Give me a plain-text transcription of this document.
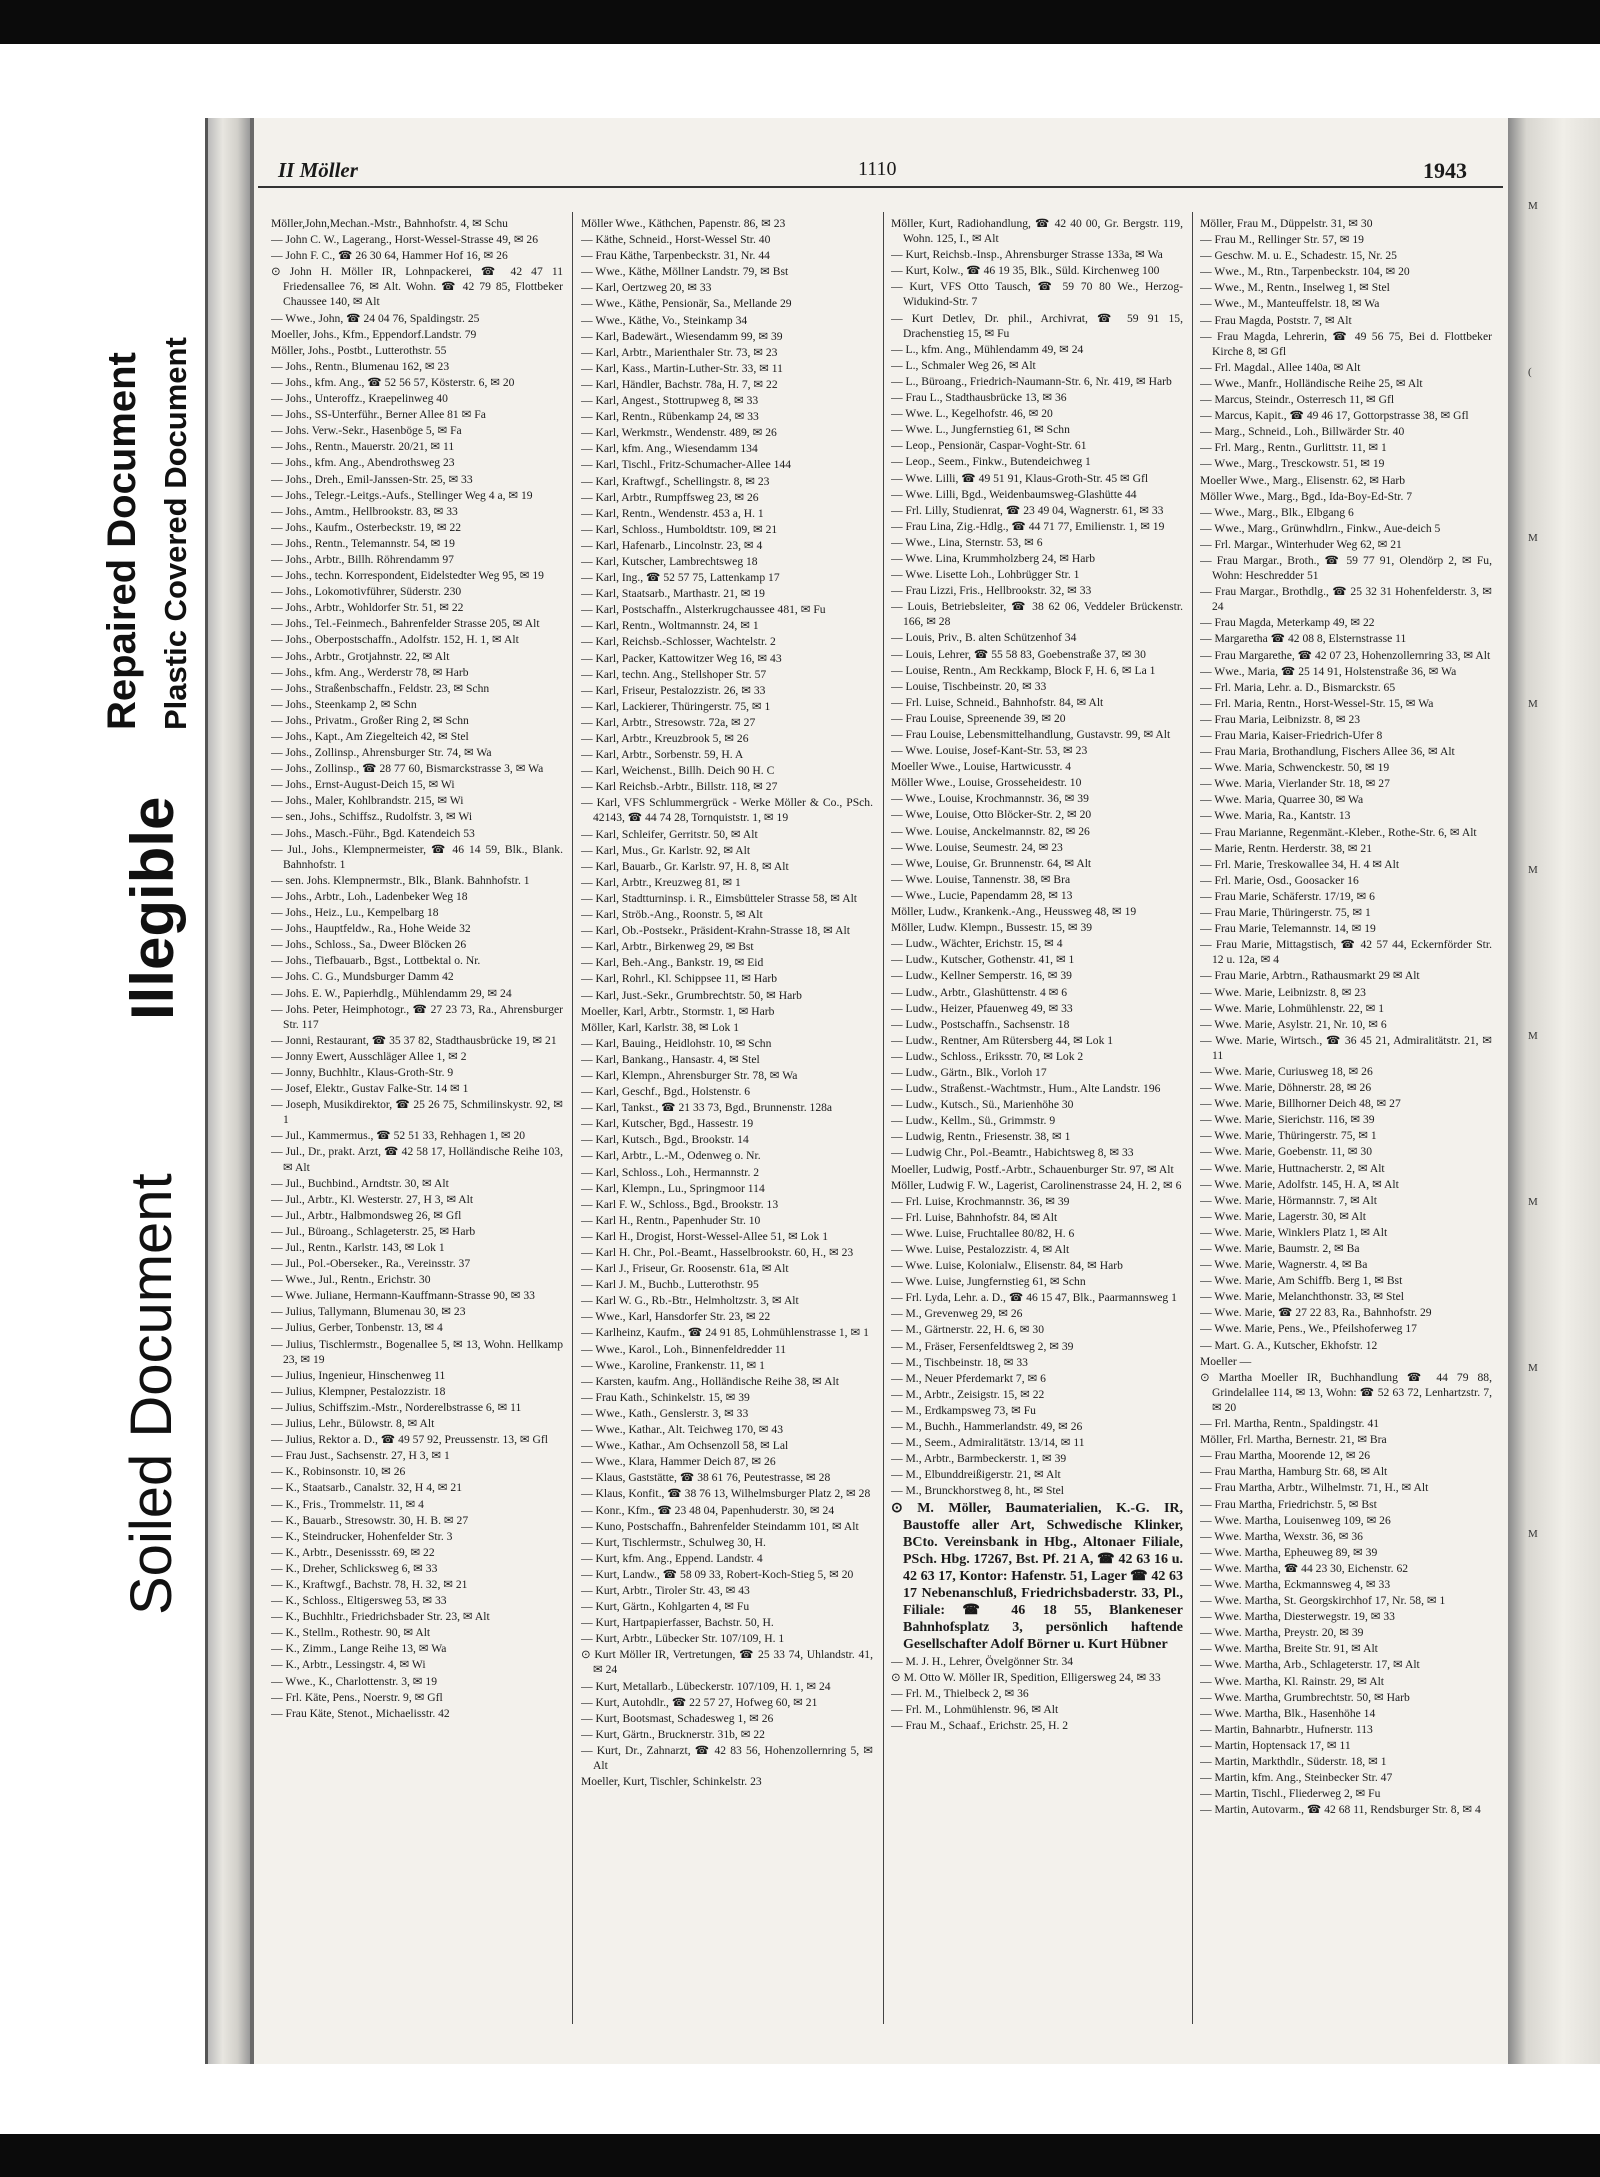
Soiled Document
Illegible
Repaired Document Plastic Covered Document
II Möller	1110	1943

Möller,John,Mechan.-Mstr., Bahnhofstr. 4, ✉ Schu

— John C. W., Lagerang., Horst-Wessel-Strasse 49, ✉ 26

— John F. C., ☎ 26 30 64, Hammer Hof 16, ✉ 26

⊙ John H. Möller IR, Lohnpackerei, ☎ 42 47 11 Friedensallee 76, ✉ Alt. Wohn. ☎ 42 79 85, Flottbeker Chaussee 140, ✉ Alt

— Wwe., John, ☎ 24 04 76, Spaldingstr. 25

Moeller, Johs., Kfm., Eppendorf.Landstr. 79

Möller, Johs., Postbt., Lutterothstr. 55

— Johs., Rentn., Blumenau 162, ✉ 23

— Johs., kfm. Ang., ☎ 52 56 57, Kösterstr. 6, ✉ 20

— Johs., Unteroffz., Kraepelinweg 40

— Johs., SS-Unterführ., Berner Allee 81 ✉ Fa

— Johs. Verw.-Sekr., Hasenböge 5, ✉ Fa

— Johs., Rentn., Mauerstr. 20/21, ✉ 11

— Johs., kfm. Ang., Abendrothsweg 23

— Johs., Dreh., Emil-Janssen-Str. 25, ✉ 33

— Johs., Telegr.-Leitgs.-Aufs., Stellinger Weg 4 a, ✉ 19

— Johs., Amtm., Hellbrookstr. 83, ✉ 33

— Johs., Kaufm., Osterbeckstr. 19, ✉ 22

— Johs., Rentn., Telemannstr. 54, ✉ 19

— Johs., Arbtr., Billh. Röhrendamm 97

— Johs., techn. Korrespondent, Eidelstedter Weg 95, ✉ 19

— Johs., Lokomotivführer, Süderstr. 230

— Johs., Arbtr., Wohldorfer Str. 51, ✉ 22

— Johs., Tel.-Feinmech., Bahrenfelder Strasse 205, ✉ Alt

— Johs., Oberpostschaffn., Adolfstr. 152, H. 1, ✉ Alt

— Johs., Arbtr., Grotjahnstr. 22, ✉ Alt

— Johs., kfm. Ang., Werderstr 78, ✉ Harb

— Johs., Straßenbschaffn., Feldstr. 23, ✉ Schn

— Johs., Steenkamp 2, ✉ Schn

— Johs., Privatm., Großer Ring 2, ✉ Schn

— Johs., Kapt., Am Ziegelteich 42, ✉ Stel

— Johs., Zollinsp., Ahrensburger Str. 74, ✉ Wa

— Johs., Zollinsp., ☎ 28 77 60, Bismarckstrasse 3, ✉ Wa

— Johs., Ernst-August-Deich 15, ✉ Wi

— Johs., Maler, Kohlbrandstr. 215, ✉ Wi

— sen., Johs., Schiffsz., Rudolfstr. 3, ✉ Wi

— Johs., Masch.-Führ., Bgd. Katendeich 53

— Jul., Johs., Klempnermeister, ☎ 46 14 59, Blk., Blank. Bahnhofstr. 1

— sen. Johs. Klempnermstr., Blk., Blank. Bahnhofstr. 1

— Johs., Arbtr., Loh., Ladenbeker Weg 18

— Johs., Heiz., Lu., Kempelbarg 18

— Johs., Hauptfeldw., Ra., Hohe Weide 32

— Johs., Schloss., Sa., Dweer Blöcken 26

— Johs., Tiefbauarb., Bgst., Lottbektal o. Nr.

— Johs. C. G., Mundsburger Damm 42

— Johs. E. W., Papierhdlg., Mühlendamm 29, ✉ 24

— Johs. Peter, Heimphotogr., ☎ 27 23 73, Ra., Ahrensburger Str. 117

— Jonni, Restaurant, ☎ 35 37 82, Stadthausbrücke 19, ✉ 21

— Jonny Ewert, Ausschläger Allee 1, ✉ 2

— Jonny, Buchhltr., Klaus-Groth-Str. 9

— Josef, Elektr., Gustav Falke-Str. 14 ✉ 1

— Joseph, Musikdirektor, ☎ 25 26 75, Schmilinskystr. 92, ✉ 1

— Jul., Kammermus., ☎ 52 51 33, Rehhagen 1, ✉ 20

— Jul., Dr., prakt. Arzt, ☎ 42 58 17, Holländische Reihe 103, ✉ Alt

— Jul., Buchbind., Arndtstr. 30, ✉ Alt

— Jul., Arbtr., Kl. Westerstr. 27, H 3, ✉ Alt

— Jul., Arbtr., Halbmondsweg 26, ✉ Gfl

— Jul., Büroang., Schlageterstr. 25, ✉ Harb

— Jul., Rentn., Karlstr. 143, ✉ Lok 1

— Jul., Pol.-Oberseker., Ra., Vereinsstr. 37

— Wwe., Jul., Rentn., Erichstr. 30

— Wwe. Juliane, Hermann-Kauffmann-Strasse 90, ✉ 33

— Julius, Tallymann, Blumenau 30, ✉ 23

— Julius, Gerber, Tonbenstr. 13, ✉ 4

— Julius, Tischlermstr., Bogenallee 5, ✉ 13, Wohn. Hellkamp 23, ✉ 19

— Julius, Ingenieur, Hinschenweg 11

— Julius, Klempner, Pestalozzistr. 18

— Julius, Schiffszim.-Mstr., Norderelbstrasse 6, ✉ 11

— Julius, Lehr., Bülowstr. 8, ✉ Alt

— Julius, Rektor a. D., ☎ 49 57 92, Preussenstr. 13, ✉ Gfl

— Frau Just., Sachsenstr. 27, H 3, ✉ 1

— K., Robinsonstr. 10, ✉ 26

— K., Staatsarb., Canalstr. 32, H 4, ✉ 21

— K., Fris., Trommelstr. 11, ✉ 4

— K., Bauarb., Stresowstr. 30, H. B. ✉ 27

— K., Steindrucker, Hohenfelder Str. 3

— K., Arbtr., Desenissstr. 69, ✉ 22

— K., Dreher, Schlicksweg 6, ✉ 33

— K., Kraftwgf., Bachstr. 78, H. 32, ✉ 21

— K., Schloss., Eltigersweg 53, ✉ 33

— K., Buchhltr., Friedrichsbader Str. 23, ✉ Alt

— K., Stellm., Rothestr. 90, ✉ Alt

— K., Zimm., Lange Reihe 13, ✉ Wa

— K., Arbtr., Lessingstr. 4, ✉ Wi

— Wwe., K., Charlottenstr. 3, ✉ 19

— Frl. Käte, Pens., Noerstr. 9, ✉ Gfl

— Frau Käte, Stenot., Michaelisstr. 42

Möller Wwe., Käthchen, Papenstr. 86, ✉ 23

— Käthe, Schneid., Horst-Wessel Str. 40

— Frau Käthe, Tarpenbeckstr. 31, Nr. 44

— Wwe., Käthe, Möllner Landstr. 79, ✉ Bst

— Karl, Oertzweg 20, ✉ 33

— Wwe., Käthe, Pensionär, Sa., Mellande 29

— Wwe., Käthe, Vo., Steinkamp 34

— Karl, Badewärt., Wiesendamm 99, ✉ 39

— Karl, Arbtr., Marienthaler Str. 73, ✉ 23

— Karl, Kass., Martin-Luther-Str. 33, ✉ 11

— Karl, Händler, Bachstr. 78a, H. 7, ✉ 22

— Karl, Angest., Stottrupweg 8, ✉ 33

— Karl, Rentn., Rübenkamp 24, ✉ 33

— Karl, Werkmstr., Wendenstr. 489, ✉ 26

— Karl, kfm. Ang., Wiesendamm 134

— Karl, Tischl., Fritz-Schumacher-Allee 144

— Karl, Kraftwgf., Schellingstr. 8, ✉ 23

— Karl, Arbtr., Rumpffsweg 23, ✉ 26

— Karl, Rentn., Wendenstr. 453 a, H. 1

— Karl, Schloss., Humboldtstr. 109, ✉ 21

— Karl, Hafenarb., Lincolnstr. 23, ✉ 4

— Karl, Kutscher, Lambrechtsweg 18

— Karl, Ing., ☎ 52 57 75, Lattenkamp 17

— Karl, Staatsarb., Marthastr. 21, ✉ 19

— Karl, Postschaffn., Alsterkrugchaussee 481, ✉ Fu

— Karl, Rentn., Woltmannstr. 24, ✉ 1

— Karl, Reichsb.-Schlosser, Wachtelstr. 2

— Karl, Packer, Kattowitzer Weg 16, ✉ 43

— Karl, techn. Ang., Stellshoper Str. 57

— Karl, Friseur, Pestalozzistr. 26, ✉ 33

— Karl, Lackierer, Thüringerstr. 75, ✉ 1

— Karl, Arbtr., Stresowstr. 72a, ✉ 27

— Karl, Arbtr., Kreuzbrook 5, ✉ 26

— Karl, Arbtr., Sorbenstr. 59, H. A

— Karl, Weichenst., Billh. Deich 90 H. C

— Karl Reichsb.-Arbtr., Billstr. 118, ✉ 27

— Karl, VFS Schlummergrück - Werke Möller & Co., PSch. 42143, ☎ 44 74 28, Tornquiststr. 1, ✉ 19

— Karl, Schleifer, Gerritstr. 50, ✉ Alt

— Karl, Mus., Gr. Karlstr. 92, ✉ Alt

— Karl, Bauarb., Gr. Karlstr. 97, H. 8, ✉ Alt

— Karl, Arbtr., Kreuzweg 81, ✉ 1

— Karl, Stadtturninsp. i. R., Eimsbütteler Strasse 58, ✉ Alt

— Karl, Ströb.-Ang., Roonstr. 5, ✉ Alt

— Karl, Ob.-Postsekr., Präsident-Krahn-Strasse 18, ✉ Alt

— Karl, Arbtr., Birkenweg 29, ✉ Bst

— Karl, Beh.-Ang., Bankstr. 19, ✉ Eid

— Karl, Rohrl., Kl. Schippsee 11, ✉ Harb

— Karl, Just.-Sekr., Grumbrechtstr. 50, ✉ Harb

Moeller, Karl, Arbtr., Stormstr. 1, ✉ Harb

Möller, Karl, Karlstr. 38, ✉ Lok 1

— Karl, Bauing., Heidlohstr. 10, ✉ Schn

— Karl, Bankang., Hansastr. 4, ✉ Stel

— Karl, Klempn., Ahrensburger Str. 78, ✉ Wa

— Karl, Geschf., Bgd., Holstenstr. 6

— Karl, Tankst., ☎ 21 33 73, Bgd., Brunnenstr. 128a

— Karl, Kutscher, Bgd., Hassestr. 19

— Karl, Kutsch., Bgd., Brookstr. 14

— Karl, Arbtr., L.-M., Odenweg o. Nr.

— Karl, Schloss., Loh., Hermannstr. 2

— Karl, Klempn., Lu., Springmoor 114

— Karl F. W., Schloss., Bgd., Brookstr. 13

— Karl H., Rentn., Papenhuder Str. 10

— Karl H., Drogist, Horst-Wessel-Allee 51, ✉ Lok 1

— Karl H. Chr., Pol.-Beamt., Hasselbrookstr. 60, H., ✉ 23

— Karl J., Friseur, Gr. Roosenstr. 61a, ✉ Alt

— Karl J. M., Buchb., Lutterothstr. 95

— Karl W. G., Rb.-Btr., Helmholtzstr. 3, ✉ Alt

— Wwe., Karl, Hansdorfer Str. 23, ✉ 22

— Karlheinz, Kaufm., ☎ 24 91 85, Lohmühlenstrasse 1, ✉ 1

— Wwe., Karol., Loh., Binnenfeldredder 11

— Wwe., Karoline, Frankenstr. 11, ✉ 1

— Karsten, kaufm. Ang., Holländische Reihe 38, ✉ Alt

— Frau Kath., Schinkelstr. 15, ✉ 39

— Wwe., Kath., Genslerstr. 3, ✉ 33

— Wwe., Kathar., Alt. Teichweg 170, ✉ 43

— Wwe., Kathar., Am Ochsenzoll 58, ✉ Lal

— Wwe., Klara, Hammer Deich 87, ✉ 26

— Klaus, Gaststätte, ☎ 38 61 76, Peutestrasse, ✉ 28

— Klaus, Konfit., ☎ 38 76 13, Wilhelmsburger Platz 2, ✉ 28

— Konr., Kfm., ☎ 23 48 04, Papenhuderstr. 30, ✉ 24

— Kuno, Postschaffn., Bahrenfelder Steindamm 101, ✉ Alt

— Kurt, Tischlermstr., Schulweg 30, H.

— Kurt, kfm. Ang., Eppend. Landstr. 4

— Kurt, Landw., ☎ 58 09 33, Robert-Koch-Stieg 5, ✉ 20

— Kurt, Arbtr., Tiroler Str. 43, ✉ 43

— Kurt, Gärtn., Kohlgarten 4, ✉ Fu

— Kurt, Hartpapierfasser, Bachstr. 50, H.

— Kurt, Arbtr., Lübecker Str. 107/109, H. 1

⊙ Kurt Möller IR, Vertretungen, ☎ 25 33 74, Uhlandstr. 41, ✉ 24

— Kurt, Metallarb., Lübeckerstr. 107/109, H. 1, ✉ 24

— Kurt, Autohdlr., ☎ 22 57 27, Hofweg 60, ✉ 21

— Kurt, Bootsmast, Schadesweg 1, ✉ 26

— Kurt, Gärtn., Brucknerstr. 31b, ✉ 22

— Kurt, Dr., Zahnarzt, ☎ 42 83 56, Hohenzollernring 5, ✉ Alt

Moeller, Kurt, Tischler, Schinkelstr. 23

Möller, Kurt, Radiohandlung, ☎ 42 40 00, Gr. Bergstr. 119, Wohn. 125, I., ✉ Alt

— Kurt, Reichsb.-Insp., Ahrensburger Strasse 133a, ✉ Wa

— Kurt, Kolw., ☎ 46 19 35, Blk., Süld. Kirchenweg 100

— Kurt, VFS Otto Tausch, ☎ 59 70 80 We., Herzog-Widukind-Str. 7

— Kurt Detlev, Dr. phil., Archivrat, ☎ 59 91 15, Drachenstieg 15, ✉ Fu

— L., kfm. Ang., Mühlendamm 49, ✉ 24

— L., Schmaler Weg 26, ✉ Alt

— L., Büroang., Friedrich-Naumann-Str. 6, Nr. 419, ✉ Harb

— Frau L., Stadthausbrücke 13, ✉ 36

— Wwe. L., Kegelhofstr. 46, ✉ 20

— Wwe. L., Jungfernstieg 61, ✉ Schn

— Leop., Pensionär, Caspar-Voght-Str. 61

— Leop., Seem., Finkw., Butendeichweg 1

— Wwe. Lilli, ☎ 49 51 91, Klaus-Groth-Str. 45 ✉ Gfl

— Wwe. Lilli, Bgd., Weidenbaumsweg-Glashütte 44

— Frl. Lilly, Studienrat, ☎ 23 49 04, Wagnerstr. 61, ✉ 33

— Frau Lina, Zig.-Hdlg., ☎ 44 71 77, Emilienstr. 1, ✉ 19

— Wwe., Lina, Sternstr. 53, ✉ 6

— Wwe. Lina, Krummholzberg 24, ✉ Harb

— Wwe. Lisette Loh., Lohbrügger Str. 1

— Frau Lizzi, Fris., Hellbrookstr. 32, ✉ 33

— Louis, Betriebsleiter, ☎ 38 62 06, Veddeler Brückenstr. 166, ✉ 28

— Louis, Priv., B. alten Schützenhof 34

— Louis, Lehrer, ☎ 55 58 83, Goebenstraße 37, ✉ 30

— Louise, Rentn., Am Reckkamp, Block F, H. 6, ✉ La 1

— Louise, Tischbeinstr. 20, ✉ 33

— Frl. Luise, Schneid., Bahnhofstr. 84, ✉ Alt

— Frau Louise, Spreenende 39, ✉ 20

— Frau Louise, Lebensmittelhandlung, Gustavstr. 99, ✉ Alt

— Wwe. Louise, Josef-Kant-Str. 53, ✉ 23

Moeller Wwe., Louise, Hartwicusstr. 4

Möller Wwe., Louise, Grosseheidestr. 10

— Wwe., Louise, Krochmannstr. 36, ✉ 39

— Wwe, Louise, Otto Blöcker-Str. 2, ✉ 20

— Wwe. Louise, Anckelmannstr. 82, ✉ 26

— Wwe. Louise, Seumestr. 24, ✉ 23

— Wwe, Louise, Gr. Brunnenstr. 64, ✉ Alt

— Wwe. Louise, Tannenstr. 38, ✉ Bra

— Wwe., Lucie, Papendamm 28, ✉ 13

Möller, Ludw., Krankenk.-Ang., Heussweg 48, ✉ 19

Möller, Ludw. Klempn., Bussestr. 15, ✉ 39

— Ludw., Wächter, Erichstr. 15, ✉ 4

— Ludw., Kutscher, Gothenstr. 41, ✉ 1

— Ludw., Kellner Semperstr. 16, ✉ 39

— Ludw., Arbtr., Glashüttenstr. 4 ✉ 6

— Ludw., Heizer, Pfauenweg 49, ✉ 33

— Ludw., Postschaffn., Sachsenstr. 18

— Ludw., Rentner, Am Rütersberg 44, ✉ Lok 1

— Ludw., Schloss., Eriksstr. 70, ✉ Lok 2

— Ludw., Gärtn., Blk., Vorloh 17

— Ludw., Straßenst.-Wachtmstr., Hum., Alte Landstr. 196

— Ludw., Kutsch., Sü., Marienhöhe 30

— Ludw., Kellm., Sü., Grimmstr. 9

— Ludwig, Rentn., Friesenstr. 38, ✉ 1

— Ludwig Chr., Pol.-Beamtr., Habichtsweg 8, ✉ 33

Moeller, Ludwig, Postf.-Arbtr., Schauenburger Str. 97, ✉ Alt

Möller, Ludwig F. W., Lagerist, Carolinenstrasse 24, H. 2, ✉ 6

— Frl. Luise, Krochmannstr. 36, ✉ 39

— Frl. Luise, Bahnhofstr. 84, ✉ Alt

— Wwe. Luise, Fruchtallee 80/82, H. 6

— Wwe. Luise, Pestalozzistr. 4, ✉ Alt

— Wwe. Luise, Kolonialw., Elisenstr. 84, ✉ Harb

— Wwe. Luise, Jungfernstieg 61, ✉ Schn

— Frl. Lyda, Lehr. a. D., ☎ 46 15 47, Blk., Paarmannsweg 1

— M., Grevenweg 29, ✉ 26

— M., Gärtnerstr. 22, H. 6, ✉ 30

— M., Fräser, Fersenfeldtsweg 2, ✉ 39

— M., Tischbeinstr. 18, ✉ 33

— M., Neuer Pferdemarkt 7, ✉ 6

— M., Arbtr., Zeisigstr. 15, ✉ 22

— M., Erdkampsweg 73, ✉ Fu

— M., Buchh., Hammerlandstr. 49, ✉ 26

— M., Seem., Admiralitätstr. 13/14, ✉ 11

— M., Arbtr., Barmbeckerstr. 1, ✉ 39

— M., Elbunddreißigerstr. 21, ✉ Alt

— M., Brunckhorstweg 8, ht., ✉ Stel

⊙ M. Möller, Baumaterialien, K.-G. IR, Baustoffe aller Art, Schwedische Klinker, BCto. Vereinsbank in Hbg., Altonaer Filiale, PSch. Hbg. 17267, Bst. Pf. 21 A, ☎ 42 63 16 u. 42 63 17, Kontor: Hafenstr. 51, Lager ☎ 42 63 17 Nebenanschluß, Friedrichsbaderstr. 33, Pl., Filiale: ☎ 46 18 55, Blankeneser Bahnhofsplatz 3, persönlich haftende Gesellschafter Adolf Börner u. Kurt Hübner

— M. J. H., Lehrer, Övelgönner Str. 34

⊙ M. Otto W. Möller IR, Spedition, Elligersweg 24, ✉ 33

— Frl. M., Thielbeck 2, ✉ 36

— Frl. M., Lohmühlenstr. 96, ✉ Alt

— Frau M., Schaaf., Erichstr. 25, H. 2

Möller, Frau M., Düppelstr. 31, ✉ 30

— Frau M., Rellinger Str. 57, ✉ 19

— Geschw. M. u. E., Schadestr. 15, Nr. 25

— Wwe., M., Rtn., Tarpenbeckstr. 104, ✉ 20

— Wwe., M., Rentn., Inselweg 1, ✉ Stel

— Wwe., M., Manteuffelstr. 18, ✉ Wa

— Frau Magda, Poststr. 7, ✉ Alt

— Frau Magda, Lehrerin, ☎ 49 56 75, Bei d. Flottbeker Kirche 8, ✉ Gfl

— Frl. Magdal., Allee 140a, ✉ Alt

— Wwe., Manfr., Holländische Reihe 25, ✉ Alt

— Marcus, Steindr., Osterresch 11, ✉ Gfl

— Marcus, Kapit., ☎ 49 46 17, Gottorpstrasse 38, ✉ Gfl

— Marg., Schneid., Loh., Billwärder Str. 40

— Frl. Marg., Rentn., Gurlittstr. 11, ✉ 1

— Wwe., Marg., Tresckowstr. 51, ✉ 19

Moeller Wwe., Marg., Elisenstr. 62, ✉ Harb

Möller Wwe., Marg., Bgd., Ida-Boy-Ed-Str. 7

— Wwe., Marg., Blk., Elbgang 6

— Wwe., Marg., Grünwhdlrn., Finkw., Aue-deich 5

— Frl. Margar., Winterhuder Weg 62, ✉ 21

— Frau Margar., Broth., ☎ 59 77 91, Olendörp 2, ✉ Fu, Wohn: Heschredder 51

— Frau Margar., Brothdlg., ☎ 25 32 31 Hohenfelderstr. 3, ✉ 24

— Frau Magda, Meterkamp 49, ✉ 22

— Margaretha ☎ 42 08 8, Elsternstrasse 11

— Frau Margarethe, ☎ 42 07 23, Hohenzollernring 33, ✉ Alt

— Wwe., Maria, ☎ 25 14 91, Holstenstraße 36, ✉ Wa

— Frl. Maria, Lehr. a. D., Bismarckstr. 65

— Frl. Maria, Rentn., Horst-Wessel-Str. 15, ✉ Wa

— Frau Maria, Leibnizstr. 8, ✉ 23

— Frau Maria, Kaiser-Friedrich-Ufer 8

— Frau Maria, Brothandlung, Fischers Allee 36, ✉ Alt

— Wwe. Maria, Schwenckestr. 50, ✉ 19

— Wwe. Maria, Vierlander Str. 18, ✉ 27

— Wwe. Maria, Quarree 30, ✉ Wa

— Wwe. Maria, Ra., Kantstr. 13

— Frau Marianne, Regenmänt.-Kleber., Rothe-Str. 6, ✉ Alt

— Marie, Rentn. Herderstr. 38, ✉ 21

— Frl. Marie, Treskowallee 34, H. 4 ✉ Alt

— Frl. Marie, Osd., Goosacker 16

— Frau Marie, Schäferstr. 17/19, ✉ 6

— Frau Marie, Thüringerstr. 75, ✉ 1

— Frau Marie, Telemannstr. 14, ✉ 19

— Frau Marie, Mittagstisch, ☎ 42 57 44, Eckernförder Str. 12 u. 12a, ✉ 4

— Frau Marie, Arbtrn., Rathausmarkt 29 ✉ Alt

— Wwe. Marie, Leibnizstr. 8, ✉ 23

— Wwe. Marie, Lohmühlenstr. 22, ✉ 1

— Wwe. Marie, Asylstr. 21, Nr. 10, ✉ 6

— Wwe. Marie, Wirtsch., ☎ 36 45 21, Admiralitätstr. 21, ✉ 11

— Wwe. Marie, Curiusweg 18, ✉ 26

— Wwe. Marie, Döhnerstr. 28, ✉ 26

— Wwe. Marie, Billhorner Deich 48, ✉ 27

— Wwe. Marie, Sierichstr. 116, ✉ 39

— Wwe. Marie, Thüringerstr. 75, ✉ 1

— Wwe. Marie, Goebenstr. 11, ✉ 30

— Wwe. Marie, Huttnacherstr. 2, ✉ Alt

— Wwe. Marie, Adolfstr. 145, H. A, ✉ Alt

— Wwe. Marie, Hörmannstr. 7, ✉ Alt

— Wwe. Marie, Lagerstr. 30, ✉ Alt

— Wwe. Marie, Winklers Platz 1, ✉ Alt

— Wwe. Marie, Baumstr. 2, ✉ Ba

— Wwe. Marie, Wagnerstr. 4, ✉ Ba

— Wwe. Marie, Am Schiffb. Berg 1, ✉ Bst

— Wwe. Marie, Melanchthonstr. 33, ✉ Stel

— Wwe. Marie, ☎ 27 22 83, Ra., Bahnhofstr. 29

— Wwe. Marie, Pens., We., Pfeilshoferweg 17

— Mart. G. A., Kutscher, Ekhofstr. 12

Moeller —

⊙ Martha Moeller IR, Buchhandlung ☎ 44 79 88, Grindelallee 114, ✉ 13, Wohn: ☎ 52 63 72, Lenhartzstr. 7, ✉ 20

— Frl. Martha, Rentn., Spaldingstr. 41

Möller, Frl. Martha, Bernestr. 21, ✉ Bra

— Frau Martha, Moorende 12, ✉ 26

— Frau Martha, Hamburg Str. 68, ✉ Alt

— Frau Martha, Arbtr., Wilhelmstr. 71, H., ✉ Alt

— Frau Martha, Friedrichstr. 5, ✉ Bst

— Wwe. Martha, Louisenweg 109, ✉ 26

— Wwe. Martha, Wexstr. 36, ✉ 36

— Wwe. Martha, Epheuweg 89, ✉ 39

— Wwe. Martha, ☎ 44 23 30, Eichenstr. 62

— Wwe. Martha, Eckmannsweg 4, ✉ 33

— Wwe. Martha, St. Georgskirchhof 17, Nr. 58, ✉ 1

— Wwe. Martha, Diesterwegstr. 19, ✉ 33

— Wwe. Martha, Preystr. 20, ✉ 39

— Wwe. Martha, Breite Str. 91, ✉ Alt

— Wwe. Martha, Arb., Schlageterstr. 17, ✉ Alt

— Wwe. Martha, Kl. Rainstr. 29, ✉ Alt

— Wwe. Martha, Grumbrechtstr. 50, ✉ Harb

— Wwe. Martha, Blk., Hasenhöhe 14

— Martin, Bahnarbtr., Hufnerstr. 113

— Martin, Hoptensack 17, ✉ 11

— Martin, Markthdlr., Süderstr. 18, ✉ 1

— Martin, kfm. Ang., Steinbecker Str. 47

— Martin, Tischl., Fliederweg 2, ✉ Fu

— Martin, Autovarm., ☎ 42 68 11, Rendsburger Str. 8, ✉ 4

M
(
M
M
M
M
M
M
M
